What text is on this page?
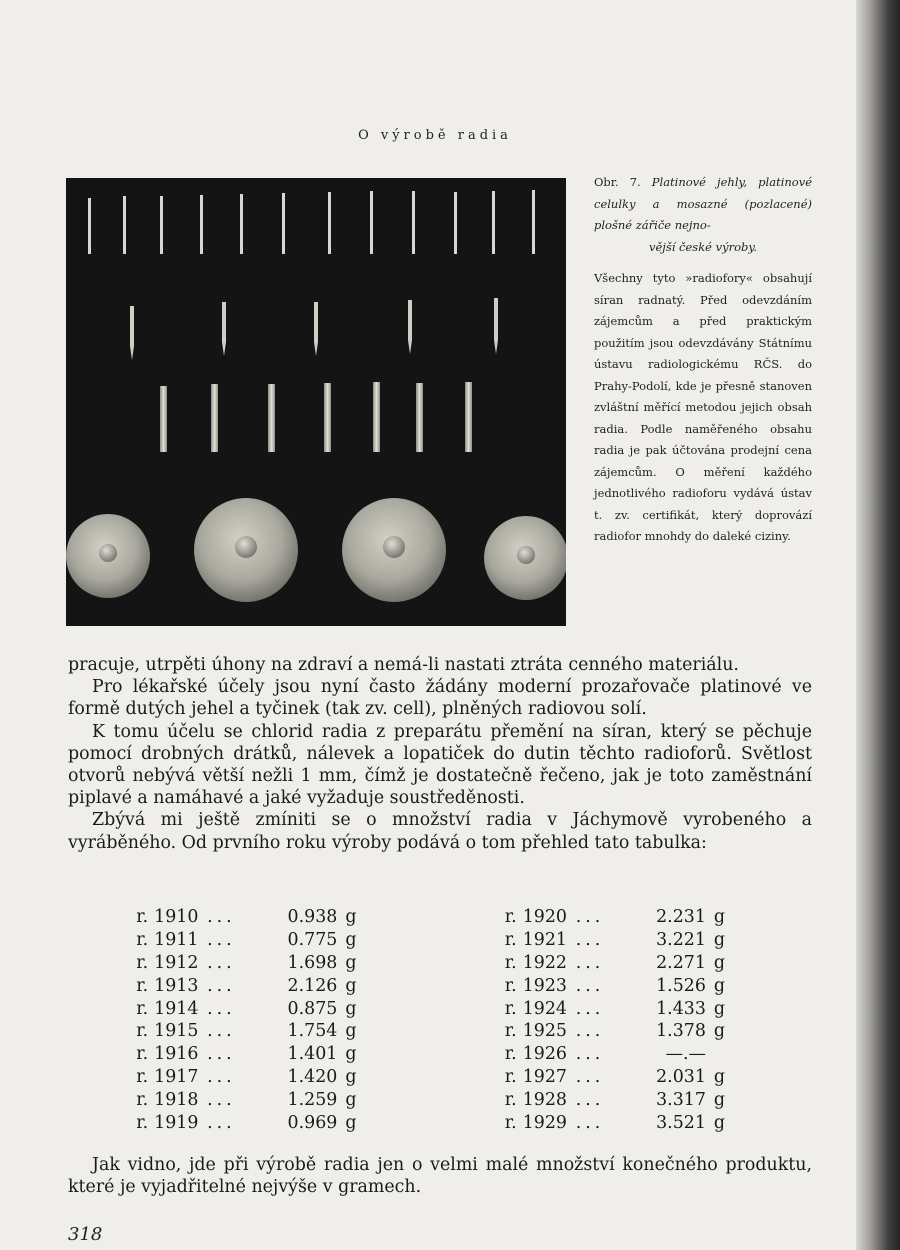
O výrobě radia
Obr. 7. Platinové jehly, platinové celulky a mosazné (pozlacené) plošné zářiče nejno-
vější české výroby.
Všechny tyto »radiofory« obsahují síran radnatý. Před odevzdáním zájemcům a před praktickým použitím jsou odevzdávány Státnímu ústavu radiologickému RČS. do Prahy-Podolí, kde je přesně stanoven zvláštní měřící metodou jejich obsah radia. Podle naměřeného obsahu radia je pak účtována prodejní cena zájemcům. O měření každého jednotlivého radioforu vydává ústav t. zv. certifikát, který doprovází radiofor mnohdy do daleké ciziny.

pracuje, utrpěti úhony na zdraví a nemá-li nastati ztráta cenného materiálu.

Pro lékařské účely jsou nyní často žádány moderní prozařovače platinové ve formě dutých jehel a tyčinek (tak zv. cell), plněných radiovou solí.

K tomu účelu se chlorid radia z preparátu přemění na síran, který se pěchuje pomocí drobných drátků, nálevek a lopatiček do dutin těchto radioforů. Světlost otvorů nebývá větší nežli 1 mm, čímž je dostatečně řečeno, jak je toto zaměstnání piplavé a namáhavé a jaké vyžaduje soustředěnosti.

Zbývá mi ještě zmíniti se o množství radia v Jáchymově vyrobeného a vyráběného. Od prvního roku výroby podává o tom přehled tato tabulka:

r.	1910	...	0.938	g		r.	1920	...	2.231	g
r.	1911	...	0.775	g		r.	1921	...	3.221	g
r.	1912	...	1.698	g		r.	1922	...	2.271	g
r.	1913	...	2.126	g		r.	1923	...	1.526	g
r.	1914	...	0.875	g		r.	1924	...	1.433	g
r.	1915	...	1.754	g		r.	1925	...	1.378	g
r.	1916	...	1.401	g		r.	1926	...	—.—	
r.	1917	...	1.420	g		r.	1927	...	2.031	g
r.	1918	...	1.259	g		r.	1928	...	3.317	g
r.	1919	...	0.969	g		r.	1929	...	3.521	g

Jak vidno, jde při výrobě radia jen o velmi malé množství konečného produktu, které je vyjadřitelné nejvýše v gramech.

318
